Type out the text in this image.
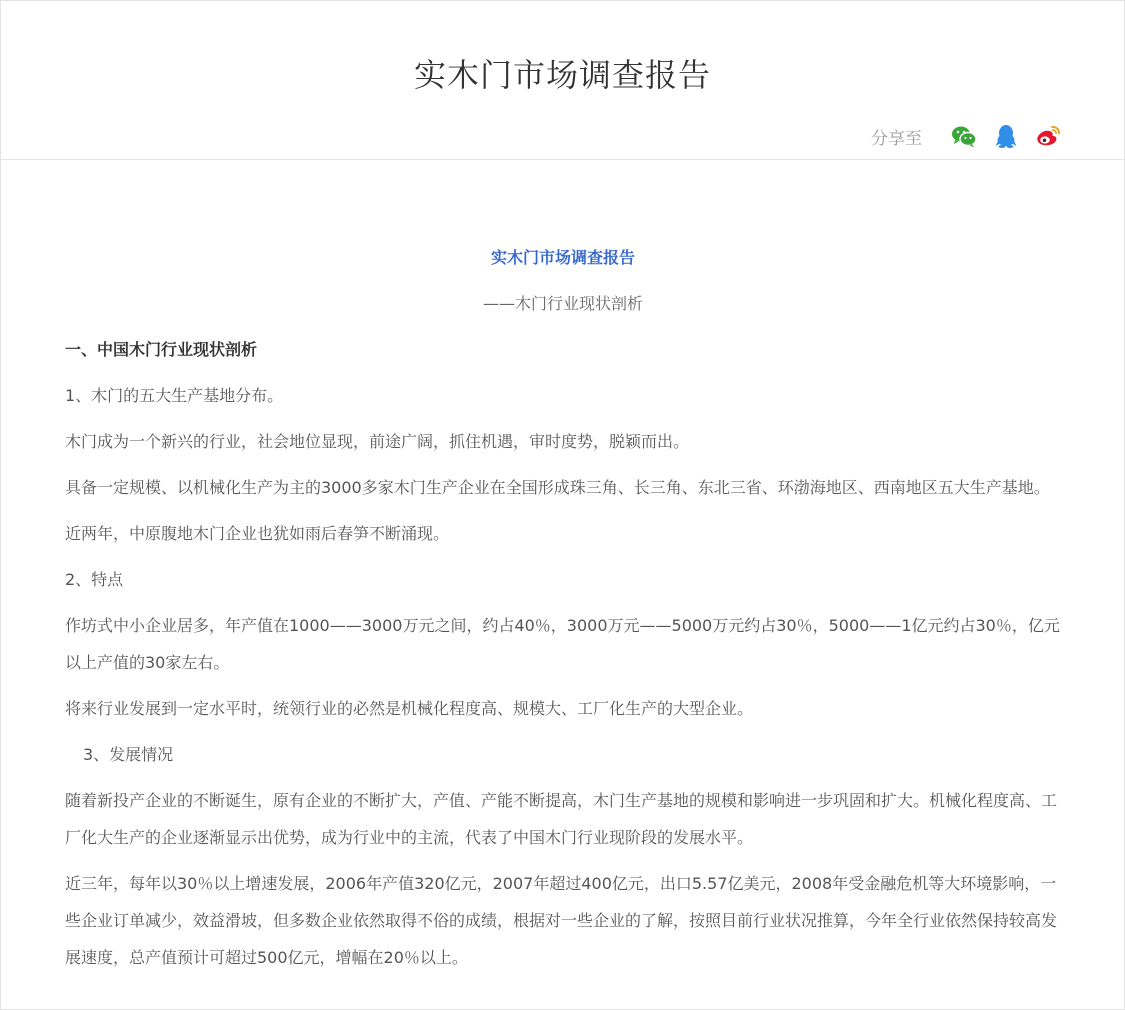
实木门市场调查报告
分享至

实木门市场调查报告

——木门行业现状剖析

一、中国木门行业现状剖析

1、木门的五大生产基地分布。

木门成为一个新兴的行业，社会地位显现，前途广阔，抓住机遇，审时度势，脱颖而出。

具备一定规模、以机械化生产为主的3000多家木门生产企业在全国形成珠三角、长三角、东北三省、环渤海地区、西南地区五大生产基地。

近两年，中原腹地木门企业也犹如雨后春笋不断涌现。

2、特点

作坊式中小企业居多，年产值在1000——3000万元之间，约占40％，3000万元——5000万元约占30％，5000——1亿元约占30％，亿元以上产值的30家左右。

将来行业发展到一定水平时，统领行业的必然是机械化程度高、规模大、工厂化生产的大型企业。

3、发展情况

随着新投产企业的不断诞生，原有企业的不断扩大，产值、产能不断提高，木门生产基地的规模和影响进一步巩固和扩大。机械化程度高、工厂化大生产的企业逐渐显示出优势，成为行业中的主流，代表了中国木门行业现阶段的发展水平。

近三年，每年以30％以上增速发展，2006年产值320亿元，2007年超过400亿元，出口5.57亿美元，2008年受金融危机等大环境影响，一些企业订单减少，效益滑坡，但多数企业依然取得不俗的成绩，根据对一些企业的了解，按照目前行业状况推算，今年全行业依然保持较高发展速度，总产值预计可超过500亿元，增幅在20％以上。
